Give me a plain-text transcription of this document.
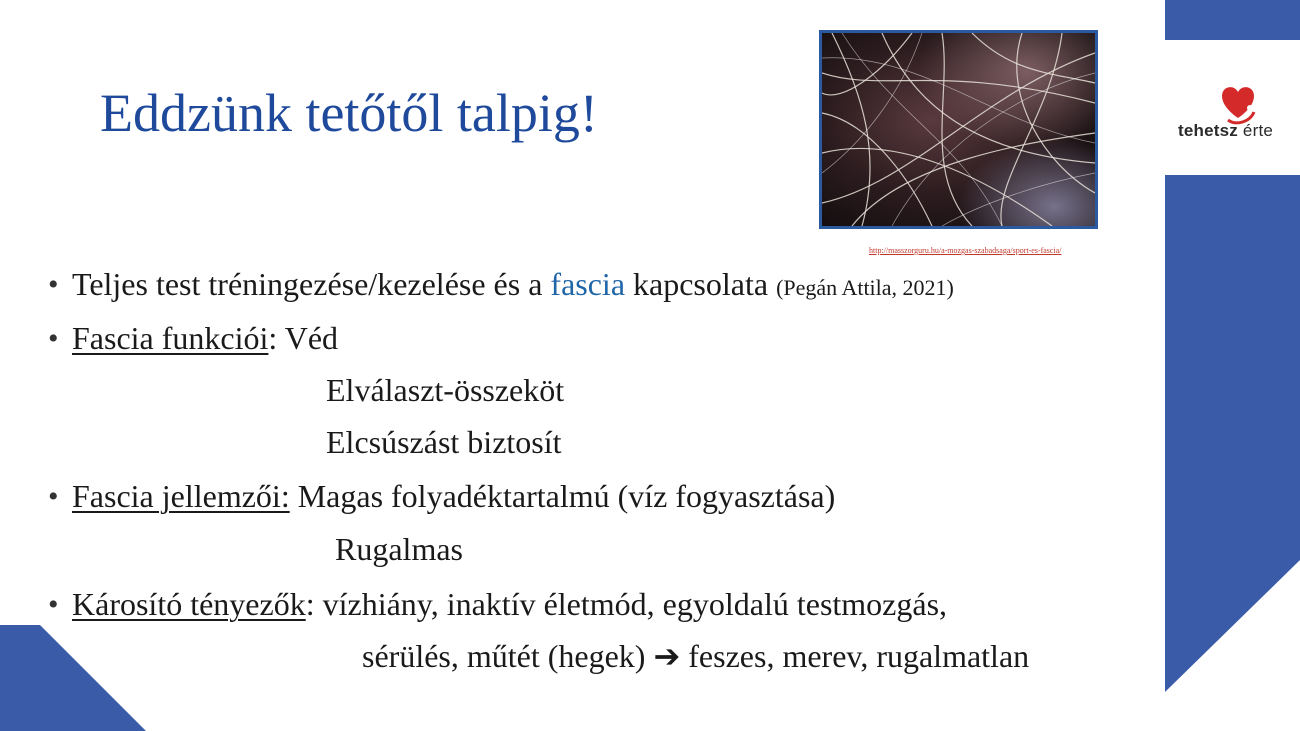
Eddzünk tetőtől talpig!
http://masszorguru.hu/a-mozgas-szabadsaga/sport-es-fascia/
tehetsz érte
• Teljes test tréningezése/kezelése és a fascia kapcsolata (Pegán Attila, 2021)
• Fascia funkciói: Véd
Elválaszt-összeköt
Elcsúszást biztosít
• Fascia jellemzői: Magas folyadéktartalmú (víz fogyasztása)
Rugalmas
• Károsító tényezők: vízhiány, inaktív életmód, egyoldalú testmozgás,
sérülés, műtét (hegek) ➔ feszes, merev, rugalmatlan
